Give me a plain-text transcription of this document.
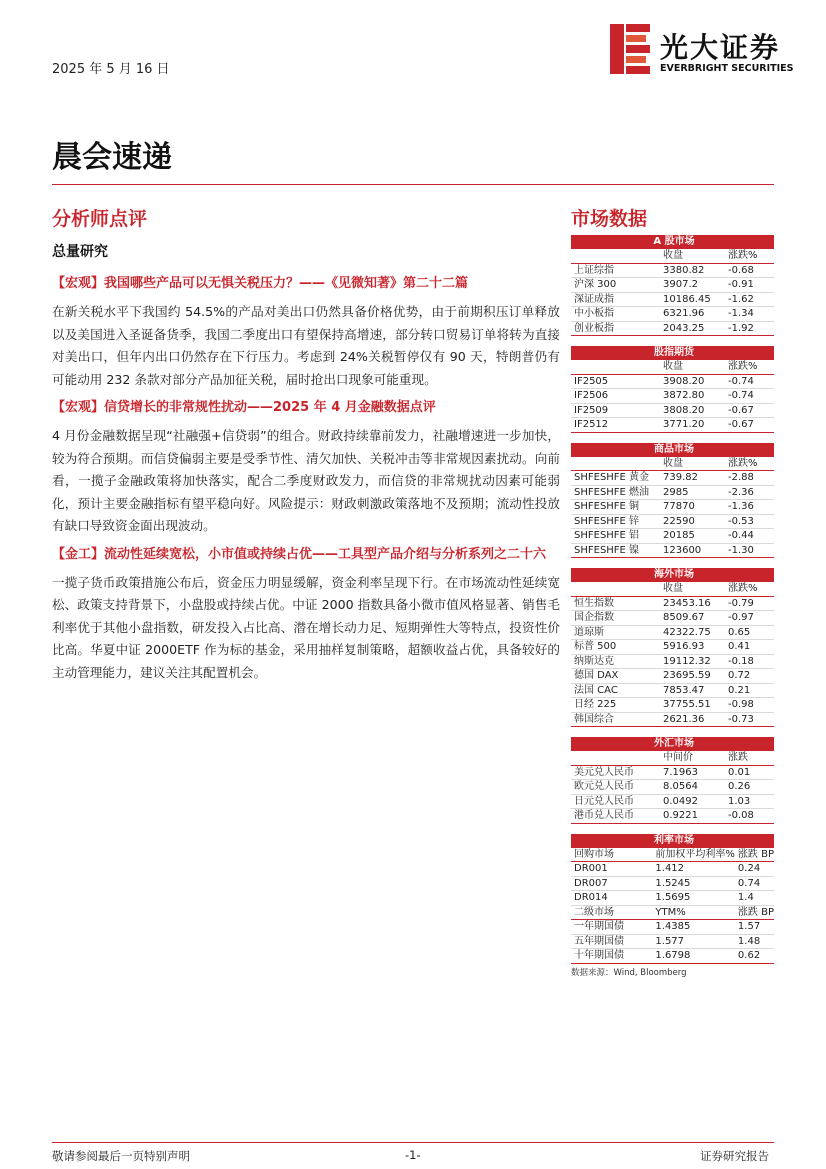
2025 年 5 月 16 日
光大证券
EVERBRIGHT SECURITIES
晨会速递
分析师点评
总量研究
【宏观】我国哪些产品可以无惧关税压力？——《见微知著》第二十二篇
在新关税水平下我国约 54.5%的产品对美出口仍然具备价格优势，由于前期积压订单释放以及美国进入圣诞备货季，我国二季度出口有望保持高增速，部分转口贸易订单将转为直接对美出口，但年内出口仍然存在下行压力。考虑到 24%关税暂停仅有 90 天，特朗普仍有可能动用 232 条款对部分产品加征关税，届时抢出口现象可能重现。
【宏观】信贷增长的非常规性扰动——2025 年 4 月金融数据点评
4 月份金融数据呈现“社融强+信贷弱”的组合。财政持续靠前发力，社融增速进一步加快，较为符合预期。而信贷偏弱主要是受季节性、清欠加快、关税冲击等非常规因素扰动。向前看，一揽子金融政策将加快落实，配合二季度财政发力，而信贷的非常规扰动因素可能弱化，预计主要金融指标有望平稳向好。风险提示：财政刺激政策落地不及预期；流动性投放有缺口导致资金面出现波动。
【金工】流动性延续宽松，小市值或持续占优——工具型产品介绍与分析系列之二十六
一揽子货币政策措施公布后，资金压力明显缓解，资金利率呈现下行。在市场流动性延续宽松、政策支持背景下，小盘股或持续占优。中证 2000 指数具备小微市值风格显著、销售毛利率优于其他小盘指数，研发投入占比高、潜在增长动力足、短期弹性大等特点，投资性价比高。华夏中证 2000ETF 作为标的基金，采用抽样复制策略，超额收益占优，具备较好的主动管理能力，建议关注其配置机会。
市场数据
A 股市场		
	收盘	涨跌%
上证综指	3380.82	-0.68
沪深 300	3907.2	-0.91
深证成指	10186.45	-1.62
中小板指	6321.96	-1.34
创业板指	2043.25	-1.92
股指期货		
	收盘	涨跌%
IF2505	3908.20	-0.74
IF2506	3872.80	-0.74
IF2509	3808.20	-0.67
IF2512	3771.20	-0.67
商品市场		
	收盘	涨跌%
SHFESHFE 黄金	739.82	-2.88
SHFESHFE 燃油	2985	-2.36
SHFESHFE 铜	77870	-1.36
SHFESHFE 锌	22590	-0.53
SHFESHFE 铝	20185	-0.44
SHFESHFE 镍	123600	-1.30
海外市场		
	收盘	涨跌%
恒生指数	23453.16	-0.79
国企指数	8509.67	-0.97
道琼斯	42322.75	0.65
标普 500	5916.93	0.41
纳斯达克	19112.32	-0.18
德国 DAX	23695.59	0.72
法国 CAC	7853.47	0.21
日经 225	37755.51	-0.98
韩国综合	2621.36	-0.73
外汇市场		
	中间价	涨跌
美元兑人民币	7.1963	0.01
欧元兑人民币	8.0564	0.26
日元兑人民币	0.0492	1.03
港币兑人民币	0.9221	-0.08
利率市场		
回购市场	前加权平均利率%	涨跌 BP
DR001	1.412	0.24
DR007	1.5245	0.74
DR014	1.5695	1.4
二级市场	YTM%	涨跌 BP
一年期国债	1.4385	1.57
五年期国债	1.577	1.48
十年期国债	1.6798	0.62
数据来源：Wind, Bloomberg
敬请参阅最后一页特别声明	-1-	证券研究报告
